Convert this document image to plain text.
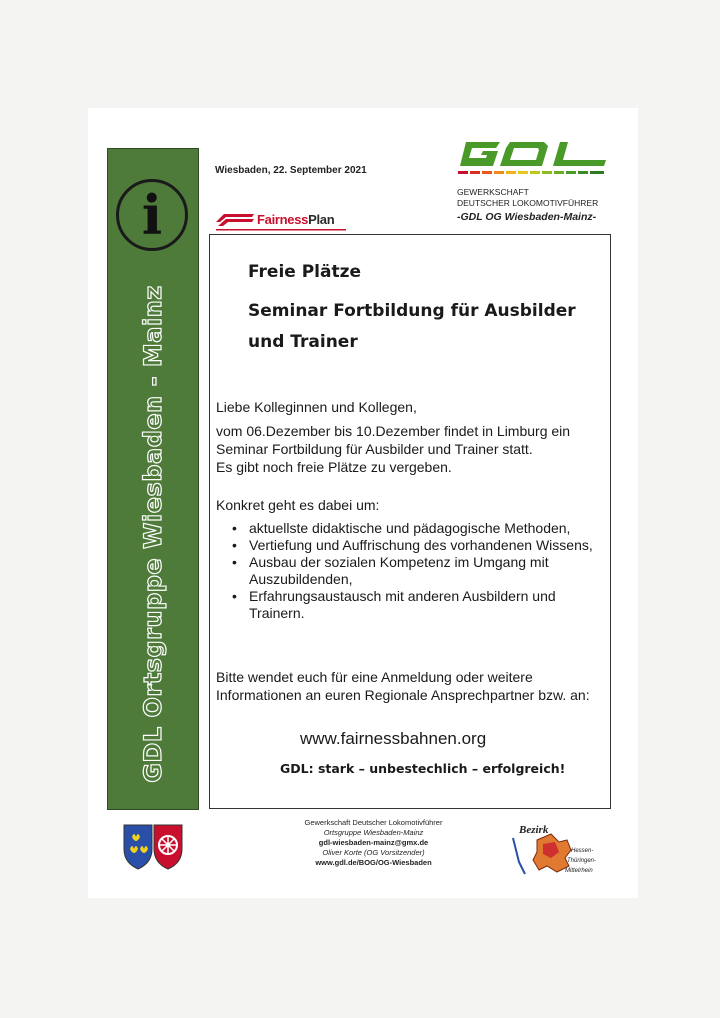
i
GDL Ortsgruppe Wiesbaden - Mainz
Wiesbaden, 22. September 2021
FairnessPlan
GEWERKSCHAFT
DEUTSCHER LOKOMOTIVFÜHRER
-GDL OG Wiesbaden-Mainz-
Freie Plätze
Seminar Fortbildung für Ausbilder und Trainer
Liebe Kolleginnen und Kollegen,
vom 06.Dezember bis 10.Dezember findet in Limburg ein Seminar Fortbildung für Ausbilder und Trainer statt.
Es gibt noch freie Plätze zu vergeben.
Konkret geht es dabei um:
• aktuellste didaktische und pädagogische Methoden,
• Vertiefung und Auffrischung des vorhandenen Wissens,
• Ausbau der sozialen Kompetenz im Umgang mit Auszubildenden,
• Erfahrungsaustausch mit anderen Ausbildern und Trainern.
Bitte wendet euch für eine Anmeldung oder weitere Informationen an euren Regionale Ansprechpartner bzw. an:
www.fairnessbahnen.org
GDL: stark – unbestechlich – erfolgreich!
Gewerkschaft Deutscher Lokomotivführer
Ortsgruppe Wiesbaden-Mainz
gdl-wiesbaden-mainz@gmx.de
Oliver Korte (OG Vorsitzender)
www.gdl.de/BOG/OG-Wiesbaden
Bezirk
Hessen-
Thüringen-
Mittelrhein
